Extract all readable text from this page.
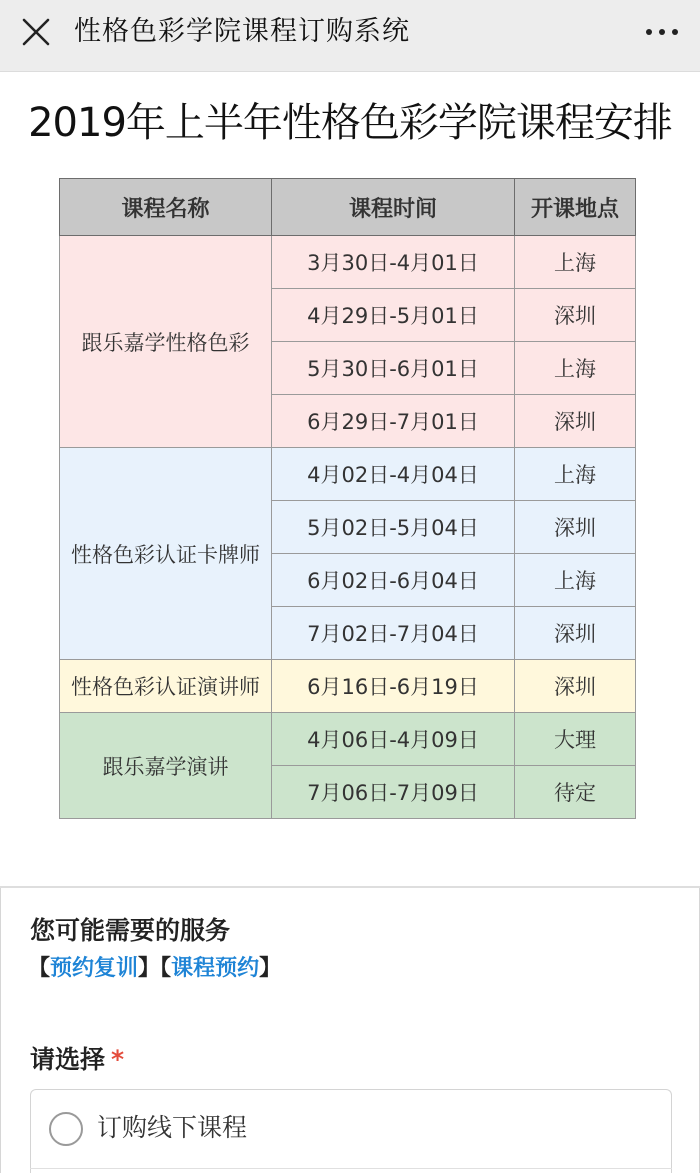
性格色彩学院课程订购系统
2019年上半年性格色彩学院课程安排
课程名称	课程时间	开课地点
跟乐嘉学性格色彩	3月30日-4月01日	上海
	4月29日-5月01日	深圳
	5月30日-6月01日	上海
	6月29日-7月01日	深圳
性格色彩认证卡牌师	4月02日-4月04日	上海
	5月02日-5月04日	深圳
	6月02日-6月04日	上海
	7月02日-7月04日	深圳
性格色彩认证演讲师	6月16日-6月19日	深圳
跟乐嘉学演讲	4月06日-4月09日	大理
	7月06日-7月09日	待定
您可能需要的服务
【预约复训】【课程预约】
请选择 *
订购线下课程
